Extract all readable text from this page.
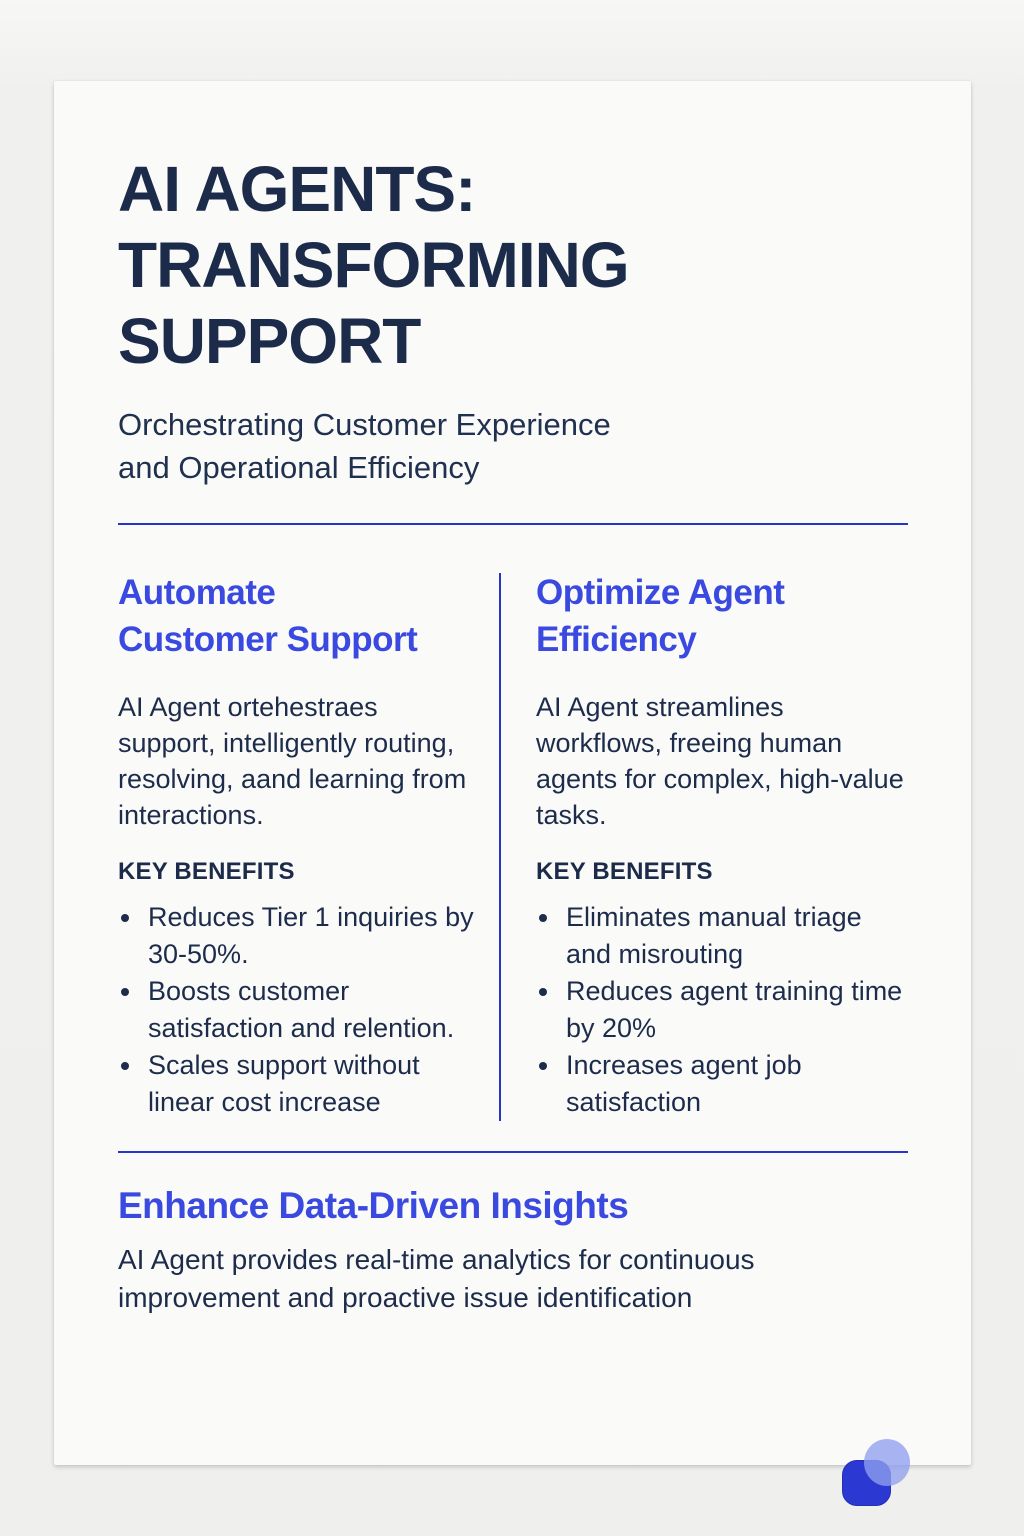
AI AGENTS:
TRANSFORMING
SUPPORT

Orchestrating Customer Experience
and Operational Efficiency

Automate
Customer Support

AI Agent ortehestraes support, intelligently routing, resolving, aand learning from interactions.

KEY BENEFITS
Reduces Tier 1 inquiries by 30-50%.
Boosts customer satisfaction and relention.
Scales support without linear cost increase
Optimize Agent
Efficiency

AI Agent streamlines workflows, freeing human agents for complex, high-value tasks.

KEY BENEFITS
Eliminates manual triage and misrouting
Reduces agent training time by 20%
Increases agent job satisfaction
Enhance Data-Driven Insights

AI Agent provides real-time analytics for continuous improvement and proactive issue identification
